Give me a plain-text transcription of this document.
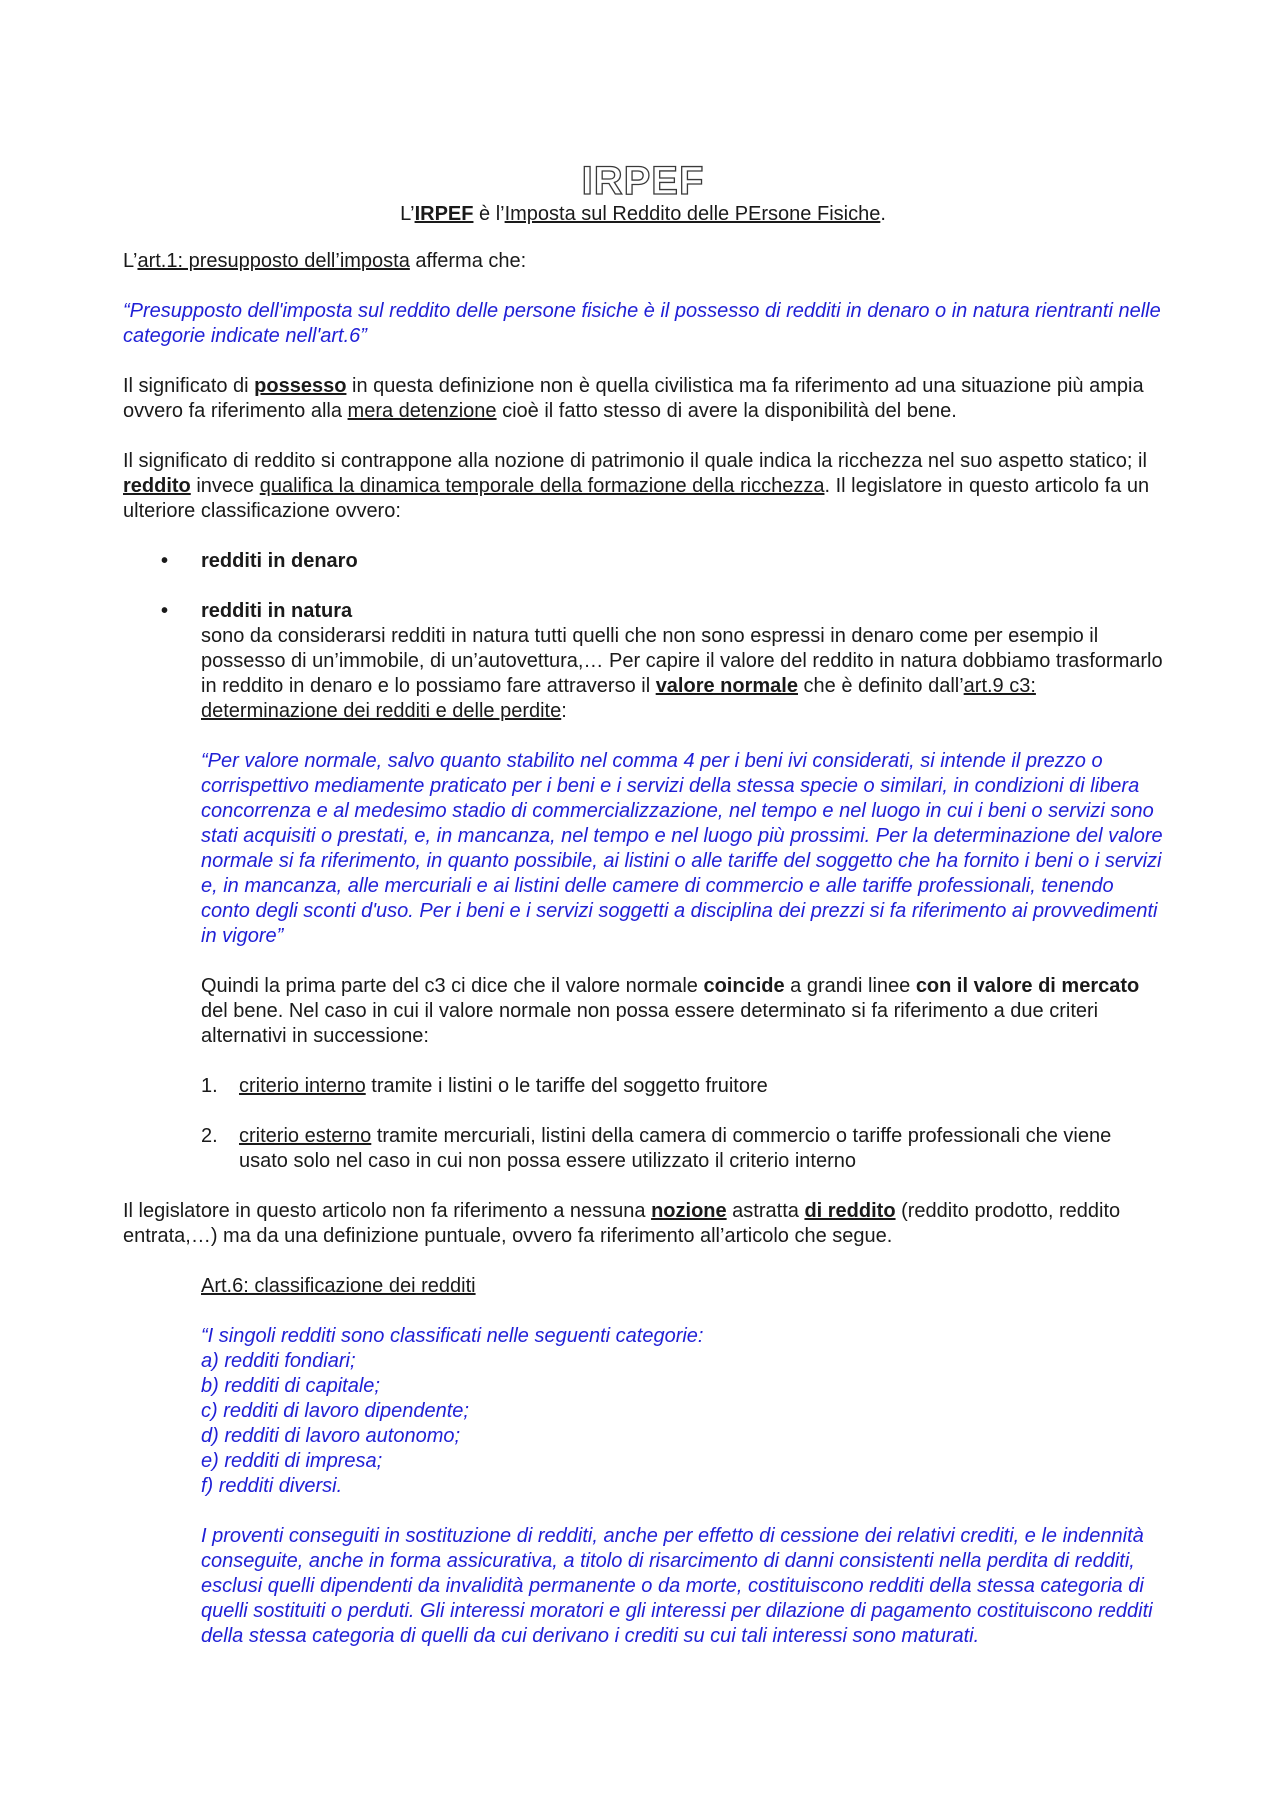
IRPEF
L’IRPEF è l’Imposta sul Reddito delle PErsone Fisiche.

L’art.1: presupposto dell’imposta afferma che:

“Presupposto dell'imposta sul reddito delle persone fisiche è il possesso di redditi in denaro o in natura rientranti nelle categorie indicate nell'art.6”

Il significato di possesso in questa definizione non è quella civilistica ma fa riferimento ad una situazione più ampia ovvero fa riferimento alla mera detenzione cioè il fatto stesso di avere la disponibilità del bene.

Il significato di reddito si contrappone alla nozione di patrimonio il quale indica la ricchezza nel suo aspetto statico; il reddito invece qualifica la dinamica temporale della formazione della ricchezza. Il legislatore in questo articolo fa un ulteriore classificazione ovvero:

• redditi in denaro
• redditi in natura
sono da considerarsi redditi in natura tutti quelli che non sono espressi in denaro come per esempio il possesso di un’immobile, di un’autovettura,… Per capire il valore del reddito in natura dobbiamo trasformarlo in reddito in denaro e lo possiamo fare attraverso il valore normale che è definito dall’art.9 c3: determinazione dei redditi e delle perdite:

“Per valore normale, salvo quanto stabilito nel comma 4 per i beni ivi considerati, si intende il prezzo o corrispettivo mediamente praticato per i beni e i servizi della stessa specie o similari, in condizioni di libera concorrenza e al medesimo stadio di commercializzazione, nel tempo e nel luogo in cui i beni o servizi sono stati acquisiti o prestati, e, in mancanza, nel tempo e nel luogo più prossimi. Per la determinazione del valore normale si fa riferimento, in quanto possibile, ai listini o alle tariffe del soggetto che ha fornito i beni o i servizi e, in mancanza, alle mercuriali e ai listini delle camere di commercio e alle tariffe professionali, tenendo conto degli sconti d'uso. Per i beni e i servizi soggetti a disciplina dei prezzi si fa riferimento ai provvedimenti in vigore”

Quindi la prima parte del c3 ci dice che il valore normale coincide a grandi linee con il valore di mercato del bene. Nel caso in cui il valore normale non possa essere determinato si fa riferimento a due criteri alternativi in successione:

1. criterio interno tramite i listini o le tariffe del soggetto fruitore
2. criterio esterno tramite mercuriali, listini della camera di commercio o tariffe professionali che viene usato solo nel caso in cui non possa essere utilizzato il criterio interno

Il legislatore in questo articolo non fa riferimento a nessuna nozione astratta di reddito (reddito prodotto, reddito entrata,…) ma da una definizione puntuale, ovvero fa riferimento all’articolo che segue.

Art.6: classificazione dei redditi

“I singoli redditi sono classificati nelle seguenti categorie:
a) redditi fondiari;
b) redditi di capitale;
c) redditi di lavoro dipendente;
d) redditi di lavoro autonomo;
e) redditi di impresa;
f) redditi diversi.

I proventi conseguiti in sostituzione di redditi, anche per effetto di cessione dei relativi crediti, e le indennità conseguite, anche in forma assicurativa, a titolo di risarcimento di danni consistenti nella perdita di redditi, esclusi quelli dipendenti da invalidità permanente o da morte, costituiscono redditi della stessa categoria di quelli sostituiti o perduti. Gli interessi moratori e gli interessi per dilazione di pagamento costituiscono redditi della stessa categoria di quelli da cui derivano i crediti su cui tali interessi sono maturati.
